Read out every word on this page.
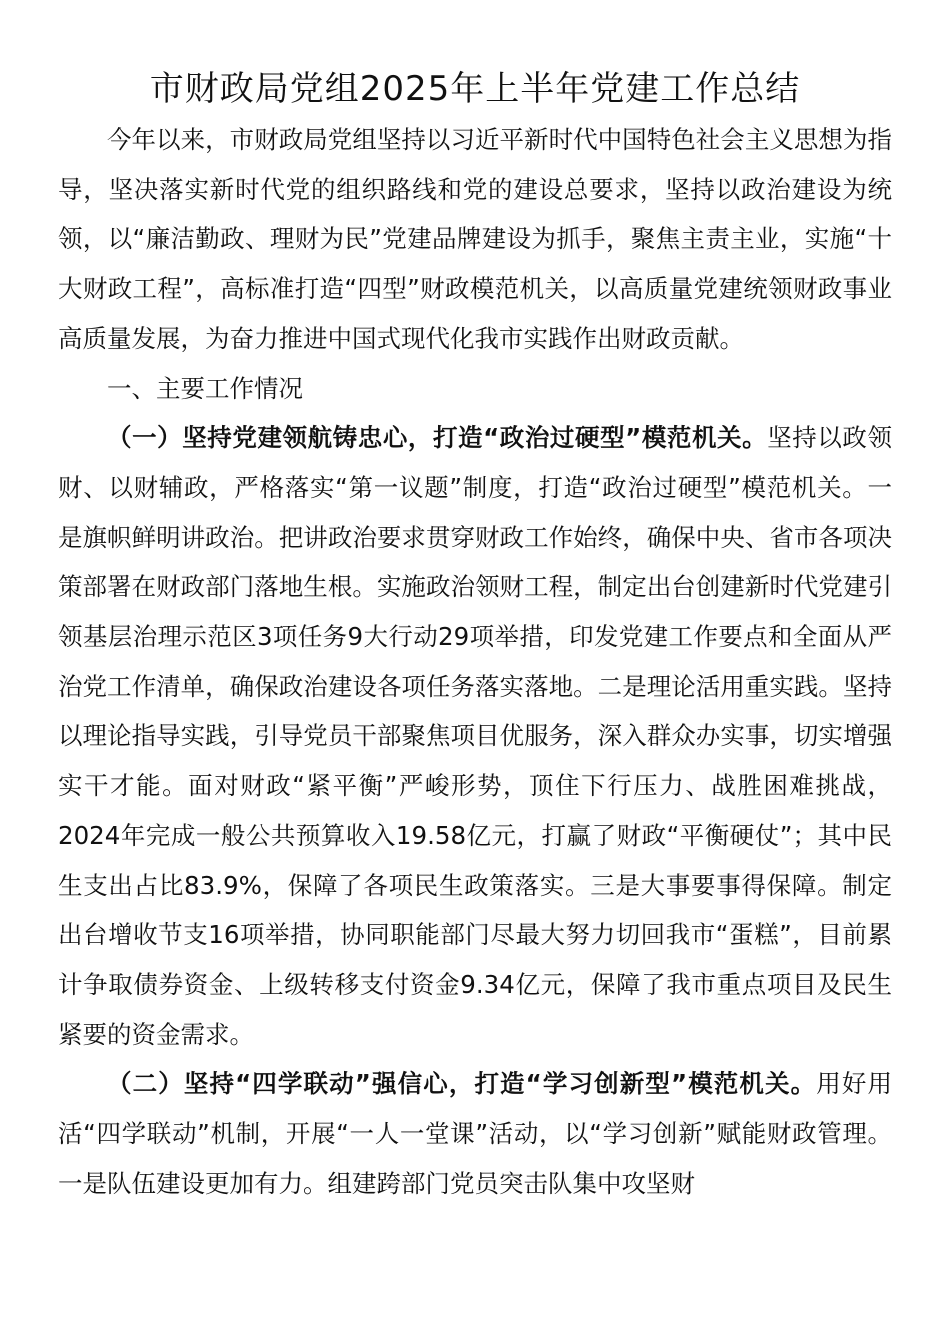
市财政局党组2025年上半年党建工作总结

今年以来，市财政局党组坚持以习近平新时代中国特色社会主义思想为指导，坚决落实新时代党的组织路线和党的建设总要求，坚持以政治建设为统领，以“廉洁勤政、理财为民”党建品牌建设为抓手，聚焦主责主业，实施“十大财政工程”，高标准打造“四型”财政模范机关，以高质量党建统领财政事业高质量发展，为奋力推进中国式现代化我市实践作出财政贡献。

一、主要工作情况

（一）坚持党建领航铸忠心，打造“政治过硬型”模范机关。坚持以政领财、以财辅政，严格落实“第一议题”制度，打造“政治过硬型”模范机关。一是旗帜鲜明讲政治。把讲政治要求贯穿财政工作始终，确保中央、省市各项决策部署在财政部门落地生根。实施政治领财工程，制定出台创建新时代党建引领基层治理示范区3项任务9大行动29项举措，印发党建工作要点和全面从严治党工作清单，确保政治建设各项任务落实落地。二是理论活用重实践。坚持以理论指导实践，引导党员干部聚焦项目优服务，深入群众办实事，切实增强实干才能。面对财政“紧平衡”严峻形势，顶住下行压力、战胜困难挑战，2024年完成一般公共预算收入19.58亿元，打赢了财政“平衡硬仗”；其中民生支出占比83.9%，保障了各项民生政策落实。三是大事要事得保障。制定出台增收节支16项举措，协同职能部门尽最大努力切回我市“蛋糕”，目前累计争取债券资金、上级转移支付资金9.34亿元，保障了我市重点项目及民生紧要的资金需求。

（二）坚持“四学联动”强信心，打造“学习创新型”模范机关。用好用活“四学联动”机制，开展“一人一堂课”活动，以“学习创新”赋能财政管理。一是队伍建设更加有力。组建跨部门党员突击队集中攻坚财
